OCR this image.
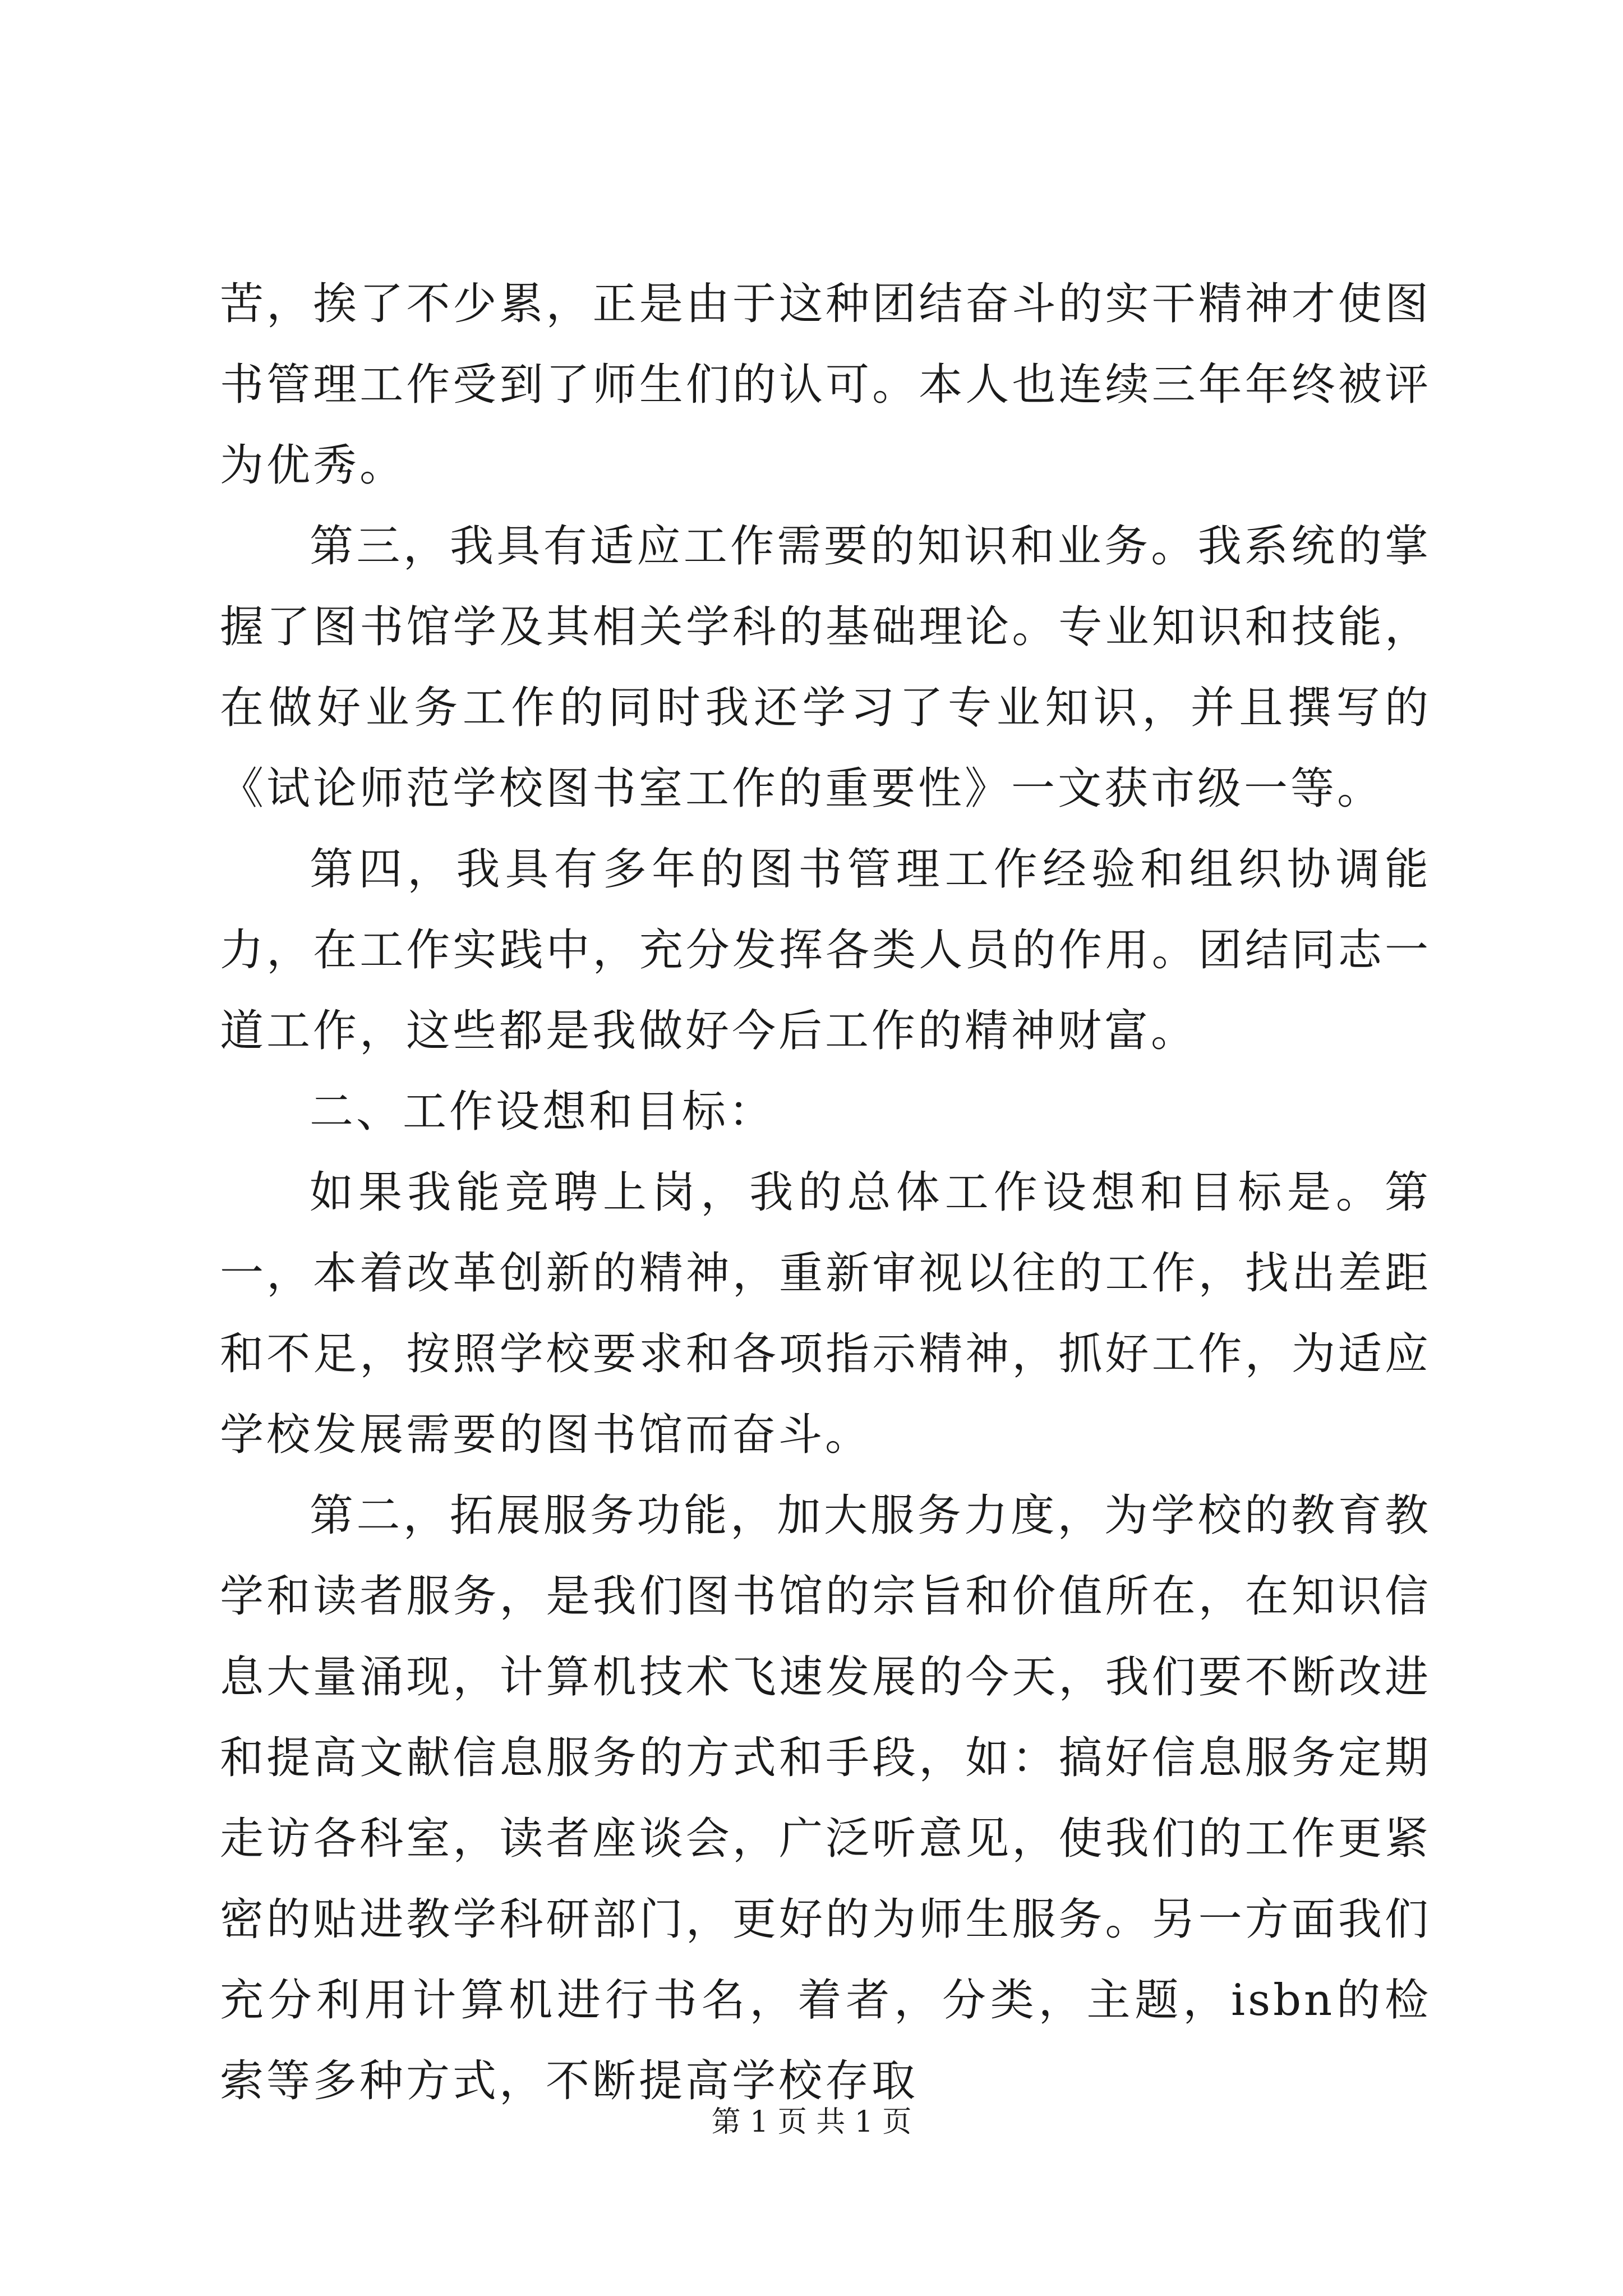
苦，挨了不少累，正是由于这种团结奋斗的实干精神才使图书管理工作受到了师生们的认可。本人也连续三年年终被评为优秀。

第三，我具有适应工作需要的知识和业务。我系统的掌握了图书馆学及其相关学科的基础理论。专业知识和技能，在做好业务工作的同时我还学习了专业知识，并且撰写的《试论师范学校图书室工作的重要性》一文获市级一等。

第四，我具有多年的图书管理工作经验和组织协调能力，在工作实践中，充分发挥各类人员的作用。团结同志一道工作，这些都是我做好今后工作的精神财富。

二、工作设想和目标：

如果我能竞聘上岗，我的总体工作设想和目标是。第一，本着改革创新的精神，重新审视以往的工作，找出差距和不足，按照学校要求和各项指示精神，抓好工作，为适应学校发展需要的图书馆而奋斗。

第二，拓展服务功能，加大服务力度，为学校的教育教学和读者服务，是我们图书馆的宗旨和价值所在，在知识信息大量涌现，计算机技术飞速发展的今天，我们要不断改进和提高文献信息服务的方式和手段，如：搞好信息服务定期走访各科室，读者座谈会，广泛听意见，使我们的工作更紧密的贴进教学科研部门，更好的为师生服务。另一方面我们充分利用计算机进行书名，着者，分类，主题，isbn的检索等多种方式，不断提高学校存取

第 1 页 共 1 页
